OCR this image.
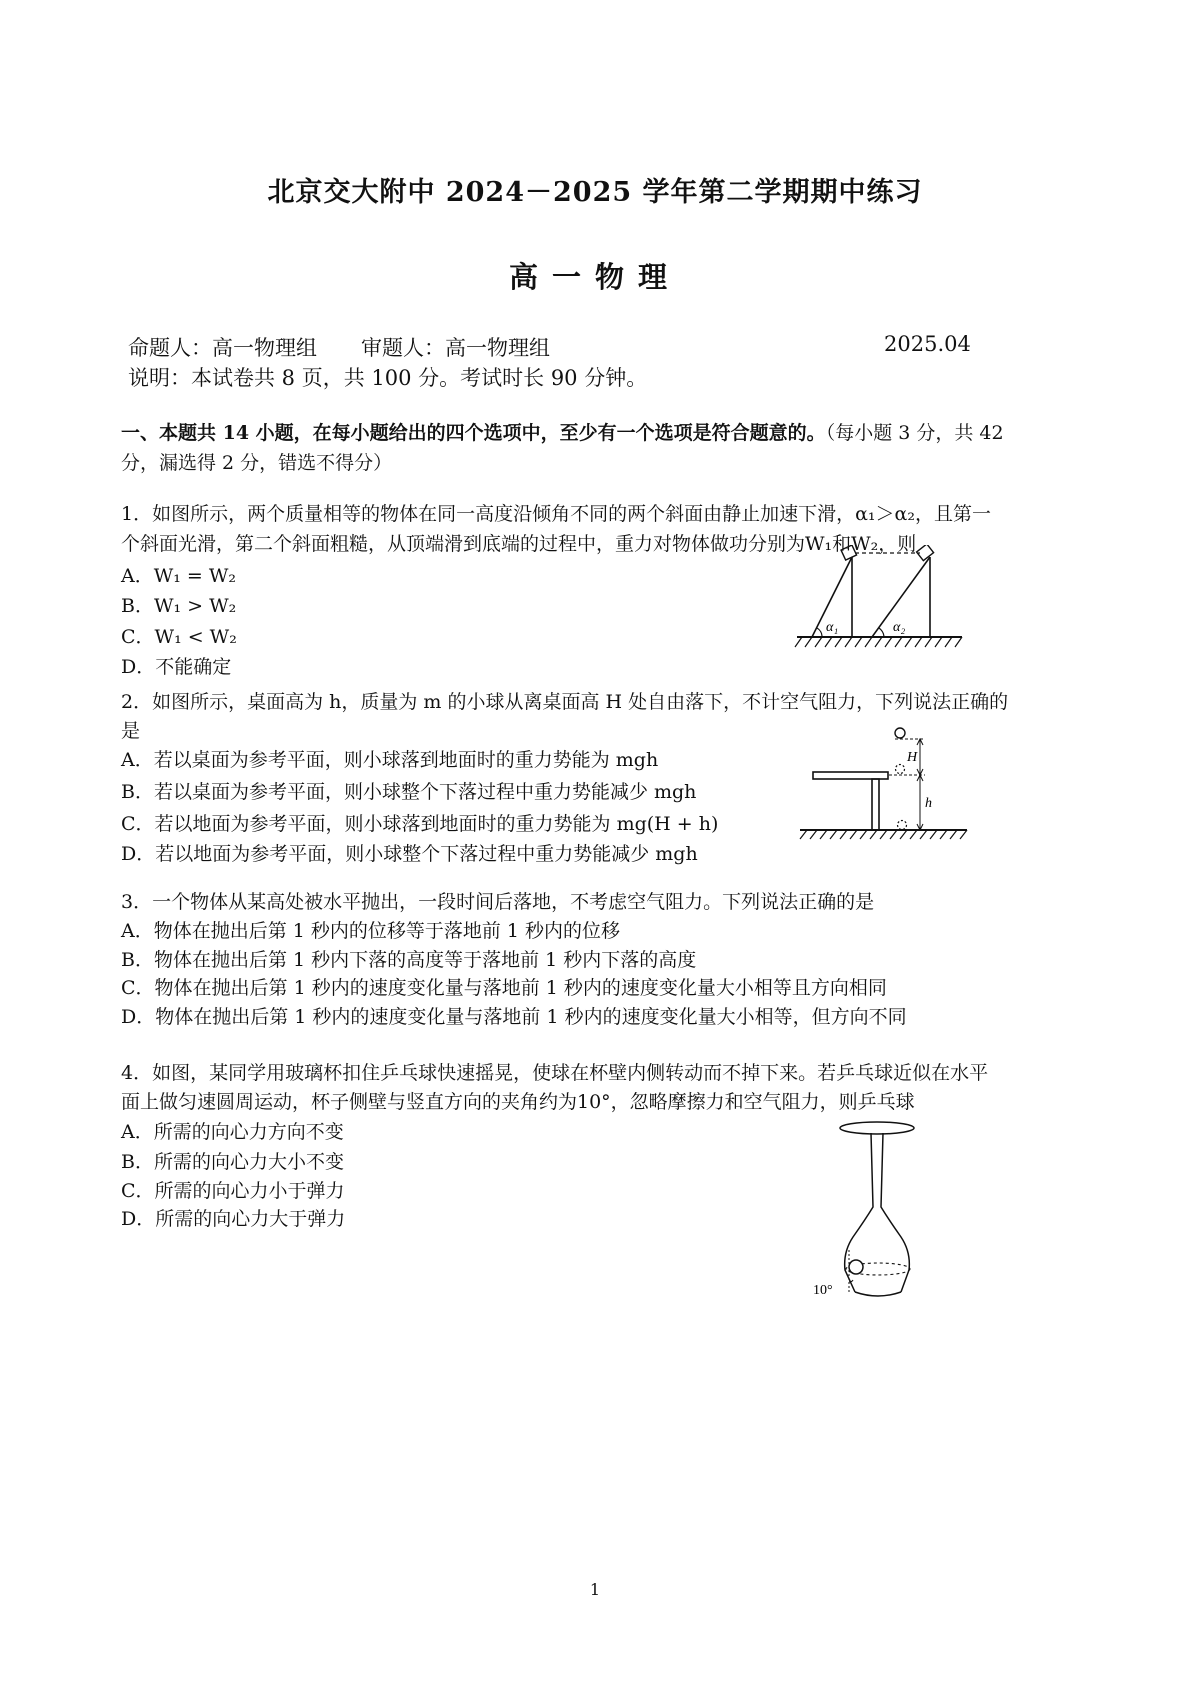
北京交大附中 2024－2025 学年第二学期期中练习
高一物理
命题人：高一物理组 审题人：高一物理组	2025.04
说明：本试卷共 8 页，共 100 分。考试时长 90 分钟。
一、本题共 14 小题，在每小题给出的四个选项中，至少有一个选项是符合题意的。（每小题 3 分，共 42
分，漏选得 2 分，错选不得分）
1．如图所示，两个质量相等的物体在同一高度沿倾角不同的两个斜面由静止加速下滑，α₁＞α₂，且第一
个斜面光滑，第二个斜面粗糙，从顶端滑到底端的过程中，重力对物体做功分别为W₁和W₂，则
A．W₁ = W₂
B．W₁ > W₂
C．W₁ < W₂
D．不能确定
α₁	α₂
2．如图所示，桌面高为 h，质量为 m 的小球从离桌面高 H 处自由落下，不计空气阻力，下列说法正确的
是
A．若以桌面为参考平面，则小球落到地面时的重力势能为 mgh
B．若以桌面为参考平面，则小球整个下落过程中重力势能减少 mgh
C．若以地面为参考平面，则小球落到地面时的重力势能为 mg(H + h)
D．若以地面为参考平面，则小球整个下落过程中重力势能减少 mgh
H
h
3．一个物体从某高处被水平抛出，一段时间后落地，不考虑空气阻力。下列说法正确的是
A．物体在抛出后第 1 秒内的位移等于落地前 1 秒内的位移
B．物体在抛出后第 1 秒内下落的高度等于落地前 1 秒内下落的高度
C．物体在抛出后第 1 秒内的速度变化量与落地前 1 秒内的速度变化量大小相等且方向相同
D．物体在抛出后第 1 秒内的速度变化量与落地前 1 秒内的速度变化量大小相等，但方向不同
4．如图，某同学用玻璃杯扣住乒乓球快速摇晃，使球在杯壁内侧转动而不掉下来。若乒乓球近似在水平
面上做匀速圆周运动，杯子侧壁与竖直方向的夹角约为10°，忽略摩擦力和空气阻力，则乒乓球
A．所需的向心力方向不变
B．所需的向心力大小不变
C．所需的向心力小于弹力
D．所需的向心力大于弹力
10°
1
